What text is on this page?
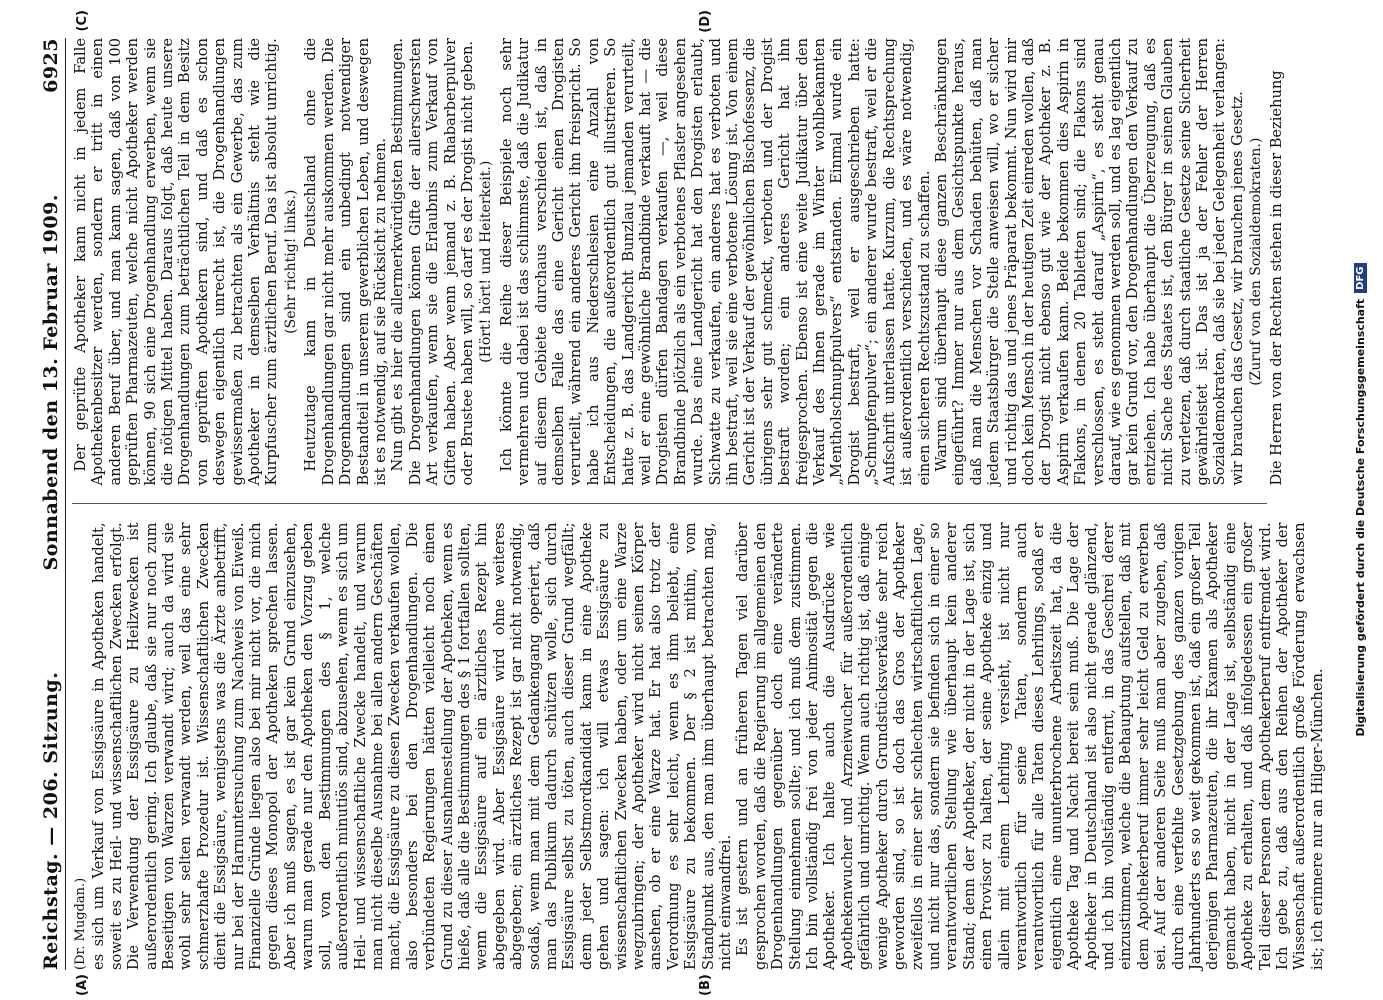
Reichstag. — 206. Sitzung.
Sonnabend den 13. Februar 1909.
6925
(A)	(B)
(Dr. Mugdan.) es sich um Verkauf von Essigsäure in Apotheken handelt, soweit es zu Heil- und wissenschaftlichen Zwecken erfolgt. Die Verwendung der Essigsäure zu Heilzwecken ist außerordentlich gering. Ich glaube, daß sie nur noch zum Beseitigen von Warzen verwandt wird; auch da wird sie wohl sehr selten verwandt werden, weil das eine sehr schmerzhafte Prozedur ist. Wissenschaftlichen Zwecken dient die Essigsäure, wenigstens was die Ärzte anbetrifft, nur bei der Harnuntersuchung zum Nachweis von Eiweiß. Finanzielle Gründe liegen also bei mir nicht vor, die mich gegen dieses Monopol der Apotheken sprechen lassen. Aber ich muß sagen, es ist gar kein Grund einzusehen, warum man gerade nur den Apotheken den Vorzug geben soll, von den Bestimmungen des § 1, welche außerordentlich minutiös sind, abzusehen, wenn es sich um Heil- und wissenschaftliche Zwecke handelt, und warum man nicht dieselbe Ausnahme bei allen andern Geschäften macht, die Essigsäure zu diesen Zwecken verkaufen wollen, also besonders bei den Drogenhandlungen. Die verbündeten Regierungen hätten vielleicht noch einen Grund zu dieser Ausnahmestellung der Apotheken, wenn es hieße, daß alle die Bestimmungen des § 1 fortfallen sollten, wenn die Essigsäure auf ein ärztliches Rezept hin abgegeben wird. Aber Essigsäure wird ohne weiteres abgegeben; ein ärztliches Rezept ist gar nicht notwendig, sodaß, wenn man mit dem Gedankengang operiert, daß man das Publikum dadurch schützen wolle, sich durch Essigsäure selbst zu töten, auch dieser Grund wegfällt; denn jeder Selbstmordkandidat kann in eine Apotheke gehen und sagen: ich will etwas Essigsäure zu wissenschaftlichen Zwecken haben, oder um eine Warze wegzubringen; der Apotheker wird nicht seinen Körper ansehen, ob er eine Warze hat. Er hat also trotz der Verordnung es sehr leicht, wenn es ihm beliebt, eine Essigsäure zu bekommen. Der § 2 ist mithin, vom Standpunkt aus, den man ihm überhaupt betrachten mag, nicht einwandfrei. Es ist gestern und an früheren Tagen viel darüber gesprochen worden, daß die Regierung im allgemeinen den Drogenhandlungen gegenüber doch eine veränderte Stellung einnehmen sollte; und ich muß dem zustimmen. Ich bin vollständig frei von jeder Animosität gegen die Apotheker. Ich halte auch die Ausdrücke wie Apothekenwucher und Arzneiwucher für außerordentlich gefährlich und unrichtig. Wenn auch richtig ist, daß einige wenige Apotheker durch Grundstücksverkäufe sehr reich geworden sind, so ist doch das Gros der Apotheker zweifellos in einer sehr schlechten wirtschaftlichen Lage, und nicht nur das, sondern sie befinden sich in einer so verantwortlichen Stellung wie überhaupt kein anderer Stand; denn der Apotheker, der nicht in der Lage ist, sich einen Provisor zu halten, der seine Apotheke einzig und allein mit einem Lehrling versieht, ist nicht nur verantwortlich für seine Taten, sondern auch verantwortlich für alle Taten dieses Lehrlings, sodaß er eigentlich eine ununterbrochene Arbeitszeit hat, da die Apotheke Tag und Nacht bereit sein muß. Die Lage der Apotheker in Deutschland ist also nicht gerade glänzend, und ich bin vollständig entfernt, in das Geschrei derer einzustimmen, welche die Behauptung aufstellen, daß mit dem Apothekerberuf immer sehr leicht Geld zu erwerben sei. Auf der anderen Seite muß man aber zugeben, daß durch eine verfehlte Gesetzgebung des ganzen vorigen Jahrhunderts es so weit gekommen ist, daß ein großer Teil derjenigen Pharmazeuten, die ihr Examen als Apotheker gemacht haben, nicht in der Lage ist, selbständig eine Apotheke zu erhalten, und daß infolgedessen ein großer Teil dieser Personen dem Apothekerberuf entfremdet wird. Ich gebe zu, daß aus den Reihen der Apotheker der Wissenschaft außerordentlich große Förderung erwachsen ist; ich erinnere nur an Hilger-München.

(C)	(D)

Der geprüfte Apotheker kann nicht in jedem Falle Apothekenbesitzer werden, sondern er tritt in einen anderen Beruf über, und man kann sagen, daß von 100 geprüften Pharmazeuten, welche nicht Apotheker werden können, 90 sich eine Drogenhandlung erwerben, wenn sie die nötigen Mittel haben. Daraus folgt, daß heute unsere Drogenhandlungen zum beträchtlichen Teil in dem Besitz von geprüften Apothekern sind, und daß es schon deswegen eigentlich unrecht ist, die Drogenhandlungen gewissermaßen zu betrachten als ein Gewerbe, das zum Apotheker in demselben Verhältnis steht wie die Kurpfuscher zum ärztlichen Beruf. Das ist absolut unrichtig. (Sehr richtig! links.) Heutzutage kann in Deutschland ohne die Drogenhandlungen gar nicht mehr auskommen werden. Die Drogenhandlungen sind ein unbedingt notwendiger Bestandteil in unserem gewerblichen Leben, und deswegen ist es notwendig, auf sie Rücksicht zu nehmen. Nun gibt es hier die allermerkwürdigsten Bestimmungen. Die Drogenhandlungen können Gifte der allerschwersten Art verkaufen, wenn sie die Erlaubnis zum Verkauf von Giften haben. Aber wenn jemand z. B. Rhabarberpulver oder Brustee haben will, so darf es der Drogist nicht geben. (Hört! hört! und Heiterkeit.) Ich könnte die Reihe dieser Beispiele noch sehr vermehren und dabei ist das schlimmste, daß die Judikatur auf diesem Gebiete durchaus verschieden ist, daß in demselben Falle das eine Gericht einen Drogisten verurteilt, während ein anderes Gericht ihn freispricht. So habe ich aus Niederschlesien eine Anzahl von Entscheidungen, die außerordentlich gut illustrieren. So hatte z. B. das Landgericht Bunzlau jemanden verurteilt, weil er eine gewöhnliche Brandbinde verkauft hat — die Drogisten dürfen Bandagen verkaufen —, weil diese Brandbinde plötzlich als ein verbotenes Pflaster angesehen wurde. Das eine Landgericht hat den Drogisten erlaubt, Sichwatte zu verkaufen, ein anderes hat es verboten und ihn bestraft, weil sie eine verbotene Lösung ist. Von einem Gericht ist der Verkauf der gewöhnlichen Bischofessenz, die übrigens sehr gut schmeckt, verboten und der Drogist bestraft worden; ein anderes Gericht hat ihn freigesprochen. Ebenso ist eine weite Judikatur über den Verkauf des Ihnen gerade im Winter wohlbekannten „Mentholschnupfpulvers“ entstanden. Einmal wurde ein Drogist bestraft, weil er ausgeschrieben hatte: „Schnupfenpulver“; ein anderer wurde bestraft, weil er die Aufschrift unterlassen hatte. Kurzum, die Rechtsprechung ist außerordentlich verschieden, und es wäre notwendig, einen sicheren Rechtszustand zu schaffen. Warum sind überhaupt diese ganzen Beschränkungen eingeführt? Immer nur aus dem Gesichtspunkte heraus, daß man die Menschen vor Schaden behüten, daß man jedem Staatsbürger die Stelle anweisen will, wo er sicher und richtig das und jenes Präparat bekommt. Nun wird mir doch kein Mensch in der heutigen Zeit einreden wollen, daß der Drogist nicht ebenso gut wie der Apotheker z. B. Aspirin verkaufen kann. Beide bekommen dies Aspirin in Flakons, in denen 20 Tabletten sind; die Flakons sind verschlossen, es steht darauf „Aspirin“, es steht genau darauf, wie es genommen werden soll, und es lag eigentlich gar kein Grund vor, den Drogenhandlungen den Verkauf zu entziehen. Ich habe überhaupt die Überzeugung, daß es nicht Sache des Staates ist, den Bürger in seinen Glauben zu verletzen, daß durch staatliche Gesetze seine Sicherheit gewährleistet ist. Das ist ja der Fehler der Herren Sozialdemokraten, daß sie bei jeder Gelegenheit verlangen: wir brauchen das Gesetz, wir brauchen jenes Gesetz. (Zuruf von den Sozialdemokraten.) Die Herren von der Rechten stehen in dieser Beziehung

Digitalisierung gefördert durch die Deutsche Forschungsgemeinschaft
DFG
